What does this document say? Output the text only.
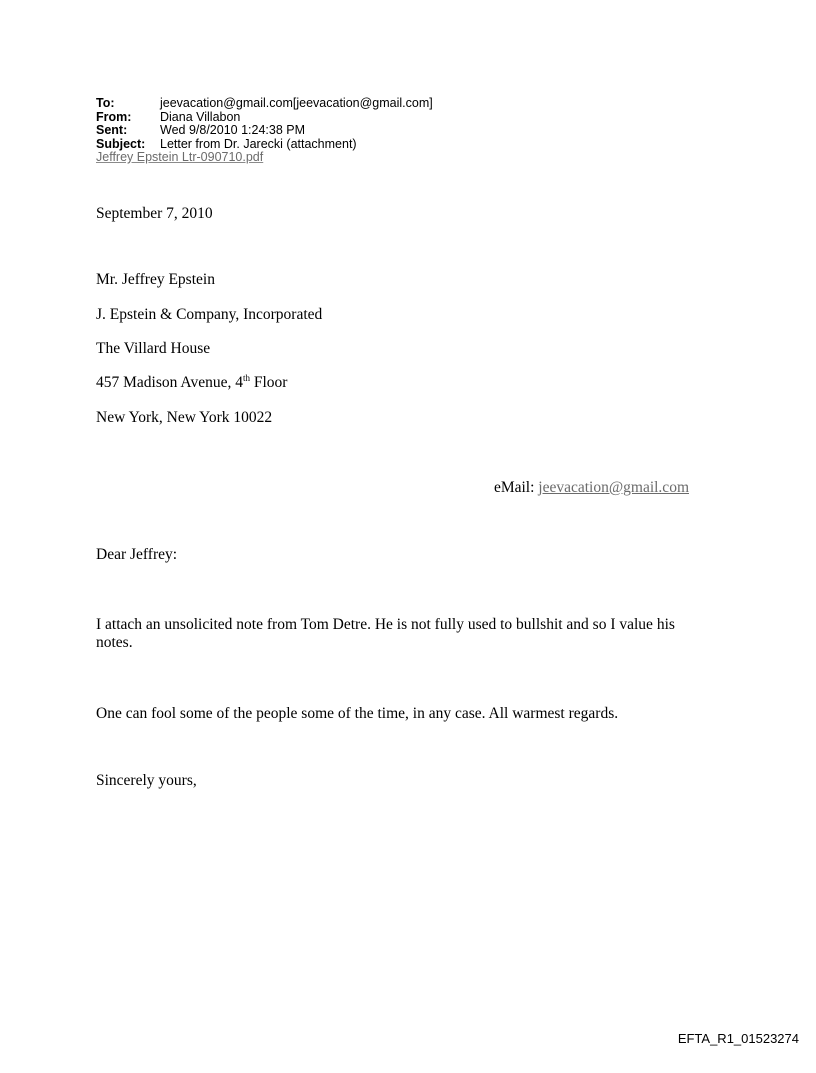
To:	jeevacation@gmail.com[jeevacation@gmail.com]
From:	Diana Villabon
Sent:	Wed 9/8/2010 1:24:38 PM
Subject:	Letter from Dr. Jarecki (attachment)
Jeffrey Epstein Ltr-090710.pdf
September 7, 2010
Mr. Jeffrey Epstein
J. Epstein & Company, Incorporated
The Villard House
457 Madison Avenue, 4th Floor
New York, New York 10022
eMail: jeevacation@gmail.com
Dear Jeffrey:
I attach an unsolicited note from Tom Detre. He is not fully used to bullshit and so I value his notes.
One can fool some of the people some of the time, in any case. All warmest regards.
Sincerely yours,
EFTA_R1_01523274
